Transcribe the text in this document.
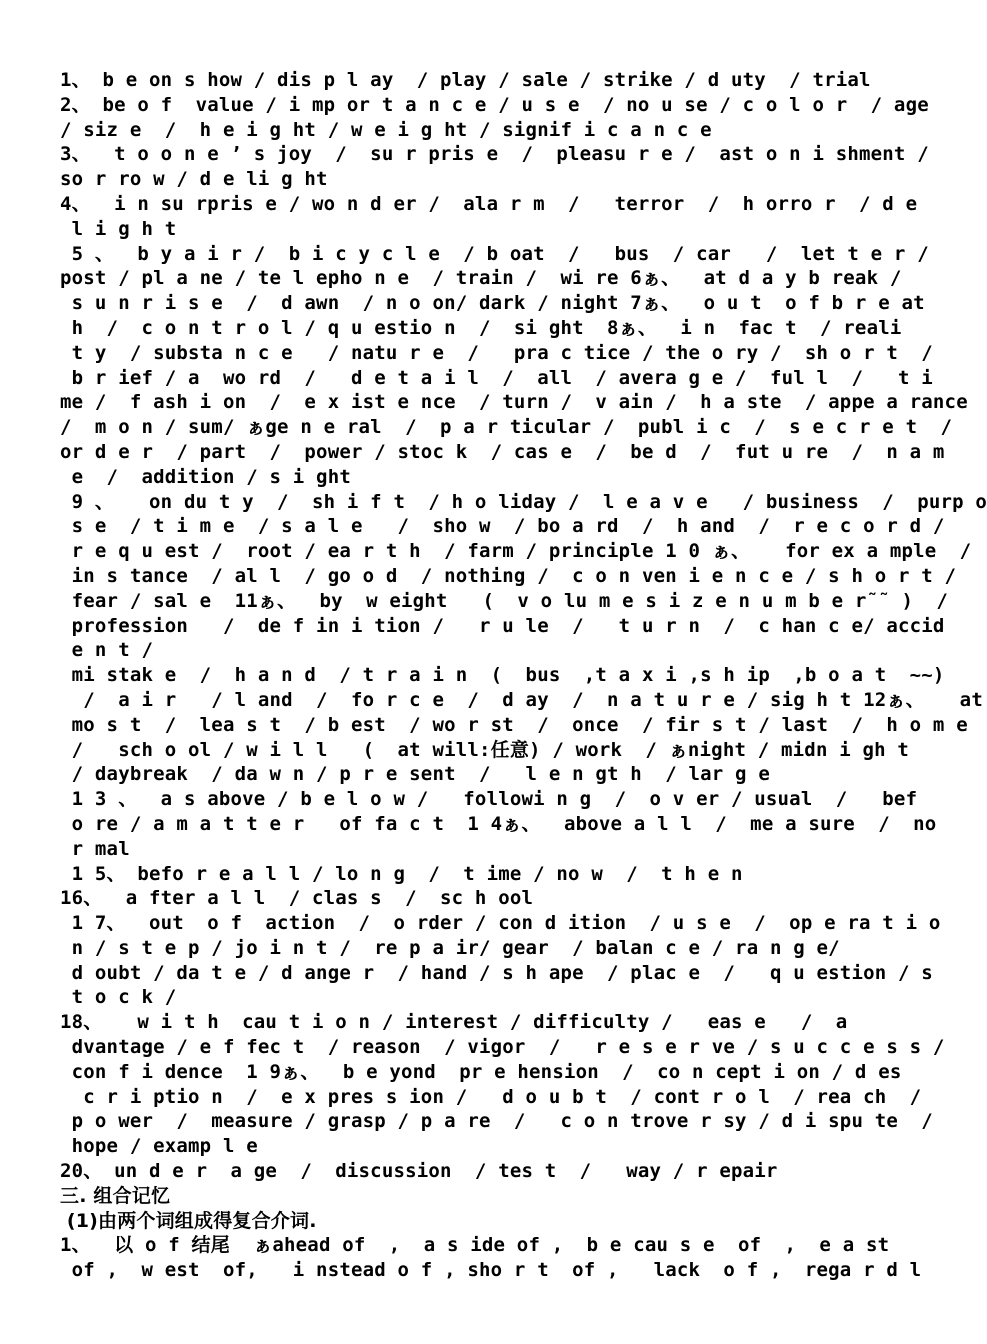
1、 b e on s how / dis p l ay  / play / sale / strike / d uty  / trial
2、 be o f  value / i mp or t a n c e / u s e  / no u se / c o l o r  / age
/ siz e  /  h e i g ht / w e i g ht / signif i c a n c e
3、  t o o n e ’ s joy  /  su r pris e  /  pleasu r e /  ast o n i shment /
so r ro w / d e li g ht
4、  i n su rpris e / wo n d er /  ala r m  /   terror  /  h orro r  / d e
l i g h t
5 、  b y a i r /  b i c y c l e  / b oat  /   bus  / car   /  let t e r /
post / pl a ne / te l epho n e  / train /  wi re 6ぁ、  at d a y b reak /
s u n r i s e  /  d awn  / n o on/ dark / night 7ぁ、  o u t  o f b r e at
h  /  c o n t r o l / q u estio n  /  si ght  8ぁ、  i n  fac t  / reali
t y  / substa n c e   / natu r e  /   pra c tice / the o ry /  sh o r t  /
b r ief / a  wo rd  /   d e t a i l  /  all  / avera g e /  ful l  /   t i
me /  f ash i on  /  e x ist e nce  / turn /  v ain /  h a ste  / appe a rance
/  m o n / sum/ ぁge n e ral  /  p a r ticular /  publ i c  /  s e c r e t  /
or d e r  / part  /  power / stoc k  / cas e  /  be d  /  fut u re  /  n a m
e  /  addition / s i ght
9 、   on du t y  /  sh i f t  / h o liday /  l e a v e   / business  /  purp o
s e  / t i m e  / s a l e   /  sho w  / bo a rd  /  h and  /  r e c o r d /
r e q u est /  root / ea r t h  / farm / principle 1 0 ぁ、   for ex a mple  /
in s tance  / al l  / go o d  / nothing /  c o n ven i e n c e / s h o r t /
fear / sal e  11ぁ、  by  w eight   (  v o lu m e s i z e n u m b e r˜˜ )  /
profession   /  de f in i tion /   r u le  /   t u r n  /  c han c e/ accid
e n t /
mi stak e  /  h a n d  / t r a i n  (  bus  ,t a x i ,s h ip  ,b o a t  ~~)
/  a i r   / l and  /  fo r c e  /  d ay  /  n a t u r e / sig h t 12ぁ、   at
mo s t  /  lea s t  / b est  / wo r st  /  once  / fir s t / last  /  h o m e
/   sch o ol / w i l l   (  at will:任意) / work  / ぁnight / midn i gh t
/ daybreak  / da w n / p r e sent  /   l e n gt h  / lar g e
1 3 、  a s above / b e l o w /   followi n g  /  o v er / usual  /   bef
o re / a m a t t e r   of fa c t  1 4ぁ、  above a l l  /  me a sure  /  no
r mal
1 5、 befo r e a l l / lo n g  /  t ime / no w  /  t h e n
16、  a fter a l l  / clas s  /  sc h ool
1 7、  out  o f  action  /  o rder / con d ition  / u s e  /  op e ra t i o
n / s t e p / jo i n t /  re p a ir/ gear  / balan c e / ra n g e/
d oubt / da t e / d ange r  / hand / s h ape  / plac e  /   q u estion / s
t o c k /
18、   w i t h  cau t i o n / interest / difficulty /   eas e   /  a
dvantage / e f fec t  / reason  / vigor  /   r e s e r ve / s u c c e s s /
con f i dence  1 9ぁ、  b e yond  pr e hension  /  co n cept i on / d es
c r i ptio n  /  e x pres s ion /   d o u b t  / cont r o l  / rea ch  /
p o wer  /  measure / grasp / p a re  /   c o n trove r sy / d i spu te  /
hope / examp l e
20、 un d e r  a ge  /  discussion  / tes t  /   way / r epair
三. 组合记忆
(1)由两个词组成得复合介词.
1、  以 o f 结尾  ぁahead of  ,  a s ide of ,  b e cau s e  of  ,  e a st
of ,  w est  of,   i nstead o f , sho r t  of ,   lack  o f ,  rega r d l
